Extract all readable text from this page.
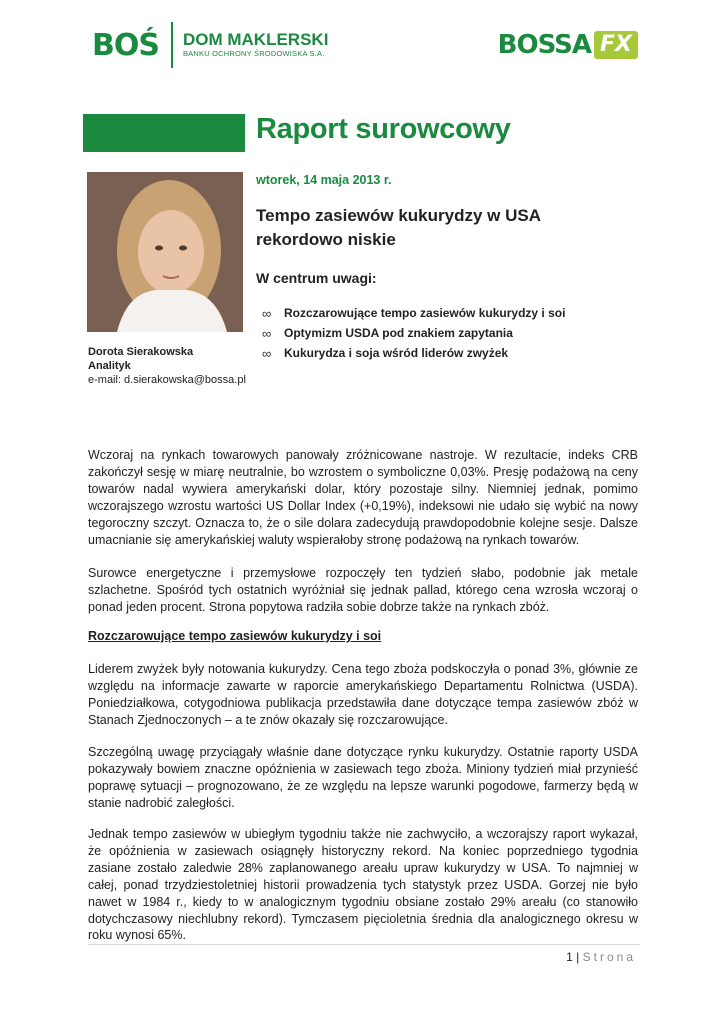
BOŚ DOM MAKLERSKI
BANKU OCHRONY ŚRODOWISKA S.A.	BOSSA FX
Raport surowcowy
wtorek, 14 maja 2013 r.
Tempo zasiewów kukurydzy w USA rekordowo niskie
W centrum uwagi:
∞	Rozczarowujące tempo zasiewów kukurydzy i soi
∞	Optymizm USDA pod znakiem zapytania
∞	Kukurydza i soja wśród liderów zwyżek
Dorota Sierakowska
Analityk
e-mail: d.sierakowska@bossa.pl
Wczoraj na rynkach towarowych panowały zróżnicowane nastroje. W rezultacie, indeks CRB zakończył sesję w miarę neutralnie, bo wzrostem o symboliczne 0,03%. Presję podażową na ceny towarów nadal wywiera amerykański dolar, który pozostaje silny. Niemniej jednak, pomimo wczorajszego wzrostu wartości US Dollar Index (+0,19%), indeksowi nie udało się wybić na nowy tegoroczny szczyt. Oznacza to, że o sile dolara zadecydują prawdopodobnie kolejne sesje. Dalsze umacnianie się amerykańskiej waluty wspierałoby stronę podażową na rynkach towarów.
Surowce energetyczne i przemysłowe rozpoczęły ten tydzień słabo, podobnie jak metale szlachetne. Spośród tych ostatnich wyróżniał się jednak pallad, którego cena wzrosła wczoraj o ponad jeden procent. Strona popytowa radziła sobie dobrze także na rynkach zbóż.
Rozczarowujące tempo zasiewów kukurydzy i soi
Liderem zwyżek były notowania kukurydzy. Cena tego zboża podskoczyła o ponad 3%, głównie ze względu na informacje zawarte w raporcie amerykańskiego Departamentu Rolnictwa (USDA). Poniedziałkowa, cotygodniowa publikacja przedstawiła dane dotyczące tempa zasiewów zbóż w Stanach Zjednoczonych – a te znów okazały się rozczarowujące.
Szczególną uwagę przyciągały właśnie dane dotyczące rynku kukurydzy. Ostatnie raporty USDA pokazywały bowiem znaczne opóźnienia w zasiewach tego zboża. Miniony tydzień miał przynieść poprawę sytuacji – prognozowano, że ze względu na lepsze warunki pogodowe, farmerzy będą w stanie nadrobić zaległości.
Jednak tempo zasiewów w ubiegłym tygodniu także nie zachwyciło, a wczorajszy raport wykazał, że opóźnienia w zasiewach osiągnęły historyczny rekord. Na koniec poprzedniego tygodnia zasiane zostało zaledwie 28% zaplanowanego areału upraw kukurydzy w USA. To najmniej w całej, ponad trzydziestoletniej historii prowadzenia tych statystyk przez USDA. Gorzej nie było nawet w 1984 r., kiedy to w analogicznym tygodniu obsiane zostało 29% areału (co stanowiło dotychczasowy niechlubny rekord). Tymczasem pięcioletnia średnia dla analogicznego okresu w roku wynosi 65%.
1 | Strona
